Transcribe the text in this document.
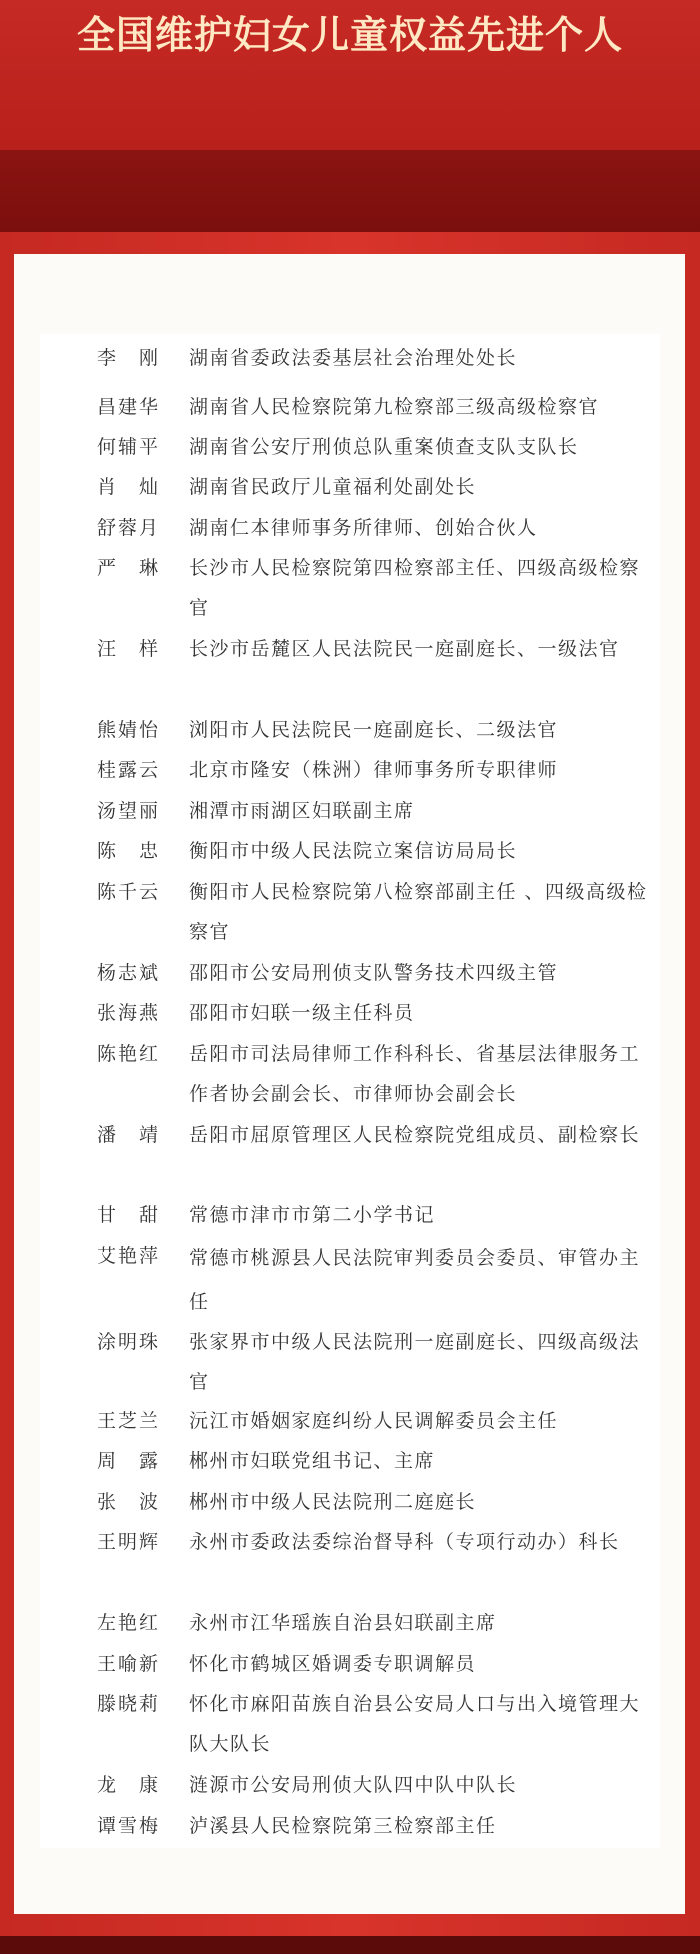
全国维护妇女儿童权益先进个人
李　刚	湖南省委政法委基层社会治理处处长

昌建华	湖南省人民检察院第九检察部三级高级检察官

何辅平	湖南省公安厅刑侦总队重案侦查支队支队长

肖　灿	湖南省民政厅儿童福利处副处长

舒蓉月	湖南仁本律师事务所律师、创始合伙人

严　琳	长沙市人民检察院第四检察部主任、四级高级检察官

汪　样	长沙市岳麓区人民法院民一庭副庭长、一级法官

熊婧怡	浏阳市人民法院民一庭副庭长、二级法官

桂露云	北京市隆安（株洲）律师事务所专职律师

汤望丽	湘潭市雨湖区妇联副主席

陈　忠	衡阳市中级人民法院立案信访局局长

陈千云	衡阳市人民检察院第八检察部副主任 、四级高级检察官

杨志斌	邵阳市公安局刑侦支队警务技术四级主管

张海燕	邵阳市妇联一级主任科员

陈艳红	岳阳市司法局律师工作科科长、省基层法律服务工作者协会副会长、市律师协会副会长

潘　靖	岳阳市屈原管理区人民检察院党组成员、副检察长

甘　甜	常德市津市市第二小学书记

艾艳萍	常德市桃源县人民法院审判委员会委员、审管办主任

涂明珠	张家界市中级人民法院刑一庭副庭长、四级高级法官

王芝兰	沅江市婚姻家庭纠纷人民调解委员会主任

周　露	郴州市妇联党组书记、主席

张　波	郴州市中级人民法院刑二庭庭长

王明辉	永州市委政法委综治督导科（专项行动办）科长

左艳红	永州市江华瑶族自治县妇联副主席

王喻新	怀化市鹤城区婚调委专职调解员

滕晓莉	怀化市麻阳苗族自治县公安局人口与出入境管理大队大队长

龙　康	涟源市公安局刑侦大队四中队中队长

谭雪梅	泸溪县人民检察院第三检察部主任
